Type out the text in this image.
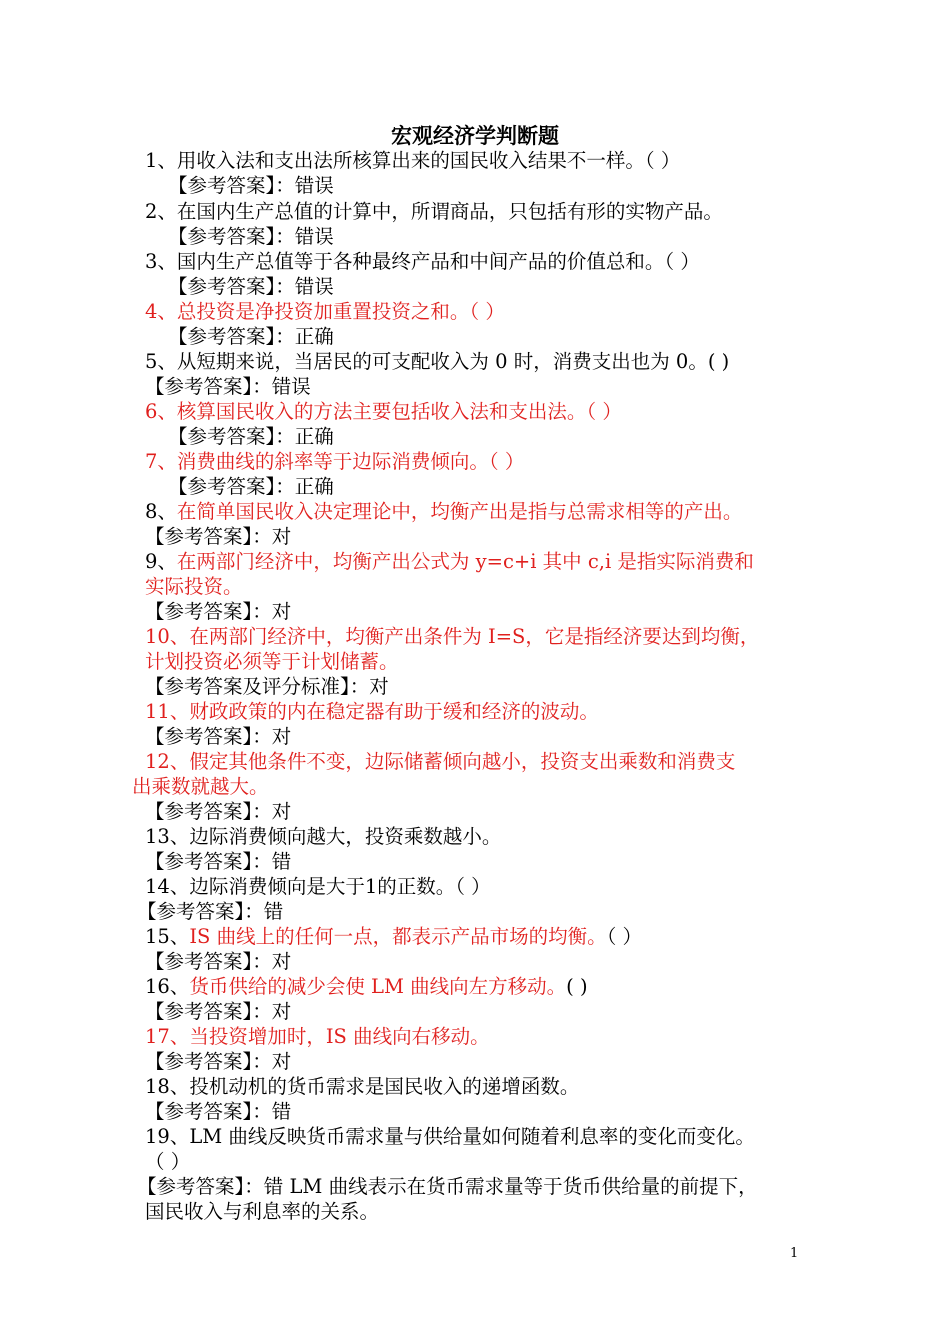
宏观经济学判断题
1、用收入法和支出法所核算出来的国民收入结果不一样。（ ）
【参考答案】：错误
2、在国内生产总值的计算中，所谓商品，只包括有形的实物产品。
【参考答案】：错误
3、国内生产总值等于各种最终产品和中间产品的价值总和。（ ）
【参考答案】：错误
4、总投资是净投资加重置投资之和。（ ）
【参考答案】：正确
5、从短期来说，当居民的可支配收入为 0 时，消费支出也为 0。( )
【参考答案】：错误
6、核算国民收入的方法主要包括收入法和支出法。（ ）
【参考答案】：正确
7、消费曲线的斜率等于边际消费倾向。（ ）
【参考答案】：正确
8、在简单国民收入决定理论中，均衡产出是指与总需求相等的产出。
【参考答案】：对
9、在两部门经济中，均衡产出公式为 y=c+i 其中 c,i 是指实际消费和
实际投资。
【参考答案】：对
10、在两部门经济中，均衡产出条件为 I=S，它是指经济要达到均衡，
计划投资必须等于计划储蓄。
【参考答案及评分标准】：对
11、财政政策的内在稳定器有助于缓和经济的波动。
【参考答案】：对
12、假定其他条件不变，边际储蓄倾向越小，投资支出乘数和消费支
出乘数就越大。
【参考答案】：对
13、边际消费倾向越大，投资乘数越小。
【参考答案】：错
14、边际消费倾向是大于1的正数。（ ）
【参考答案】：错
15、IS 曲线上的任何一点，都表示产品市场的均衡。（ ）
【参考答案】：对
16、货币供给的减少会使 LM 曲线向左方移动。( )
【参考答案】：对
17、当投资增加时，IS 曲线向右移动。
【参考答案】：对
18、投机动机的货币需求是国民收入的递增函数。
【参考答案】：错
19、LM 曲线反映货币需求量与供给量如何随着利息率的变化而变化。
（ ）
【参考答案】：错 LM 曲线表示在货币需求量等于货币供给量的前提下，
国民收入与利息率的关系。
1
